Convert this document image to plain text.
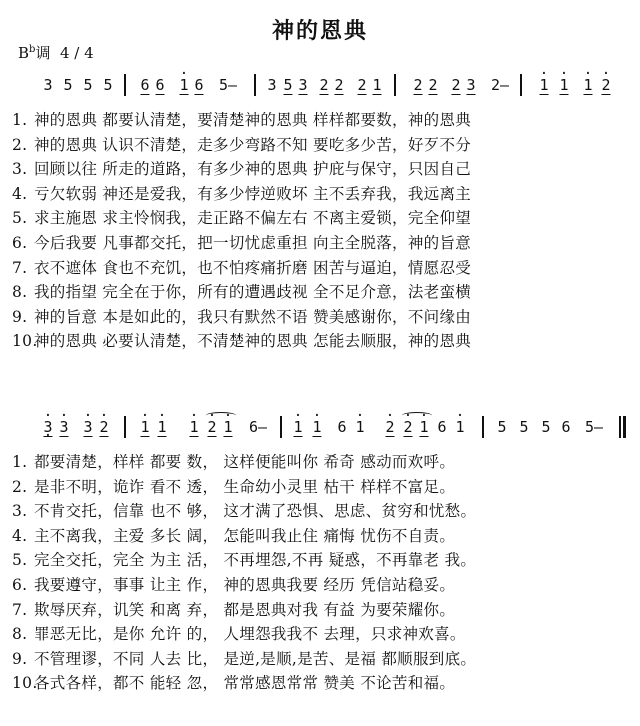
神的恩典
$B^b$调 4 / 4
3 5 5 5 6 6 · 1 6 5– 3 5 3 2 2 2 1 2 2 2 3 2– · 1 · 1 · 1 · 2
1. 神的恩典 都要认清楚，要清楚神的恩典 样样都要数，神的恩典
2. 神的恩典 认识不清楚，走多少弯路不知 要吃多少苦，好歹不分
3. 回顾以往 所走的道路，有多少神的恩典 护庇与保守，只因自己
4. 亏欠软弱 神还是爱我，有多少悖逆败坏 主不丢弃我，我远离主
5. 求主施恩 求主怜悯我，走正路不偏左右 不离主爱锁，完全仰望
6. 今后我要 凡事都交托，把一切忧虑重担 向主全脱落，神的旨意
7. 衣不遮体 食也不充饥，也不怕疼痛折磨 困苦与逼迫，情愿忍受
8. 我的指望 完全在于你，所有的遭遇歧视 全不足介意，法老蛮横
9. 神的旨意 本是如此的，我只有默然不语 赞美感谢你，不问缘由
10.神的恩典 必要认清楚，不清楚神的恩典 怎能去顺服，神的恩典
· 3 · · 3 · 3 · 2 · 1 · 1 · 1 · 2 · 1 6– · 1 · 1 6 · 1 · 2 · 2 · 1 6 · 1 5 5 5 6 5–
1. 都要清楚，样样 都要 数， 这样便能叫你 希奇 感动而欢呼。
2. 是非不明，诡诈 看不 透， 生命幼小灵里 枯干 样样不富足。
3. 不肯交托，信靠 也不 够， 这才满了恐惧、思虑、贫穷和忧愁。
4. 主不离我，主爱 多长 阔， 怎能叫我止住 痛悔 忧伤不自责。
5. 完全交托，完全 为主 活， 不再埋怨,不再 疑惑，不再靠老 我。
6. 我要遵守，事事 让主 作， 神的恩典我要 经历 凭信站稳妥。
7. 欺辱厌弃，讥笑 和离 弃， 都是恩典对我 有益 为要荣耀你。
8. 罪恶无比，是你 允许 的， 人埋怨我我不 去理，只求神欢喜。
9. 不管理谬，不同 人去 比， 是逆,是顺,是苦、是福 都顺服到底。
10.各式各样，都不 能轻 忽， 常常感恩常常 赞美 不论苦和福。
